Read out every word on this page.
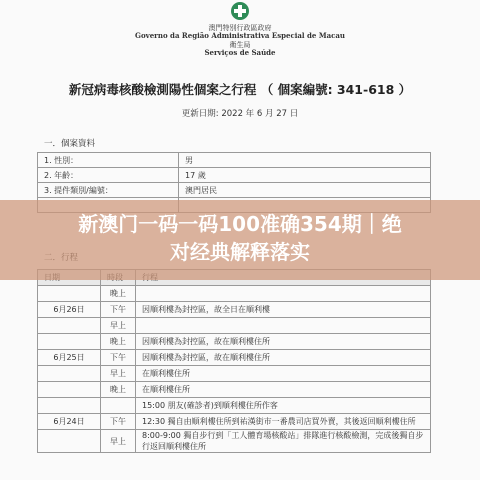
澳門特別行政區政府
Governo da Região Administrativa Especial de Macau
衛生局
Serviços de Saúde
新冠病毒核酸檢測陽性個案之行程 （ 個案編號: 341-618 ）
更新日期: 2022 年 6 月 27 日
一．個案資料
1. 性別：	男
2. 年齡：	17 歲
3. 提件類別/編號：	澳門居民

	晚上	
6月26日	下午	因順利樓為封控區，故全日在順利樓
	早上	
	晚上	因順利樓為封控區，故在順利樓住所
6月25日	下午	因順利樓為封控區，故在順利樓住所
	早上	在順利樓住所
	晚上	在順利樓住所
		15:00 朋友(確診者)到順利樓住所作客
6月24日	下午	12:30 獨自由順利樓住所到祐漢街市一番農司店買外賣，其後返回順利樓住所
	早上	8:00-9:00 獨自步行到「工人體育場核酸站」排隊進行核酸檢測，完成後獨自步行返回順利樓住所
新澳门一码一码100准确354期｜绝
对经典解释落实
